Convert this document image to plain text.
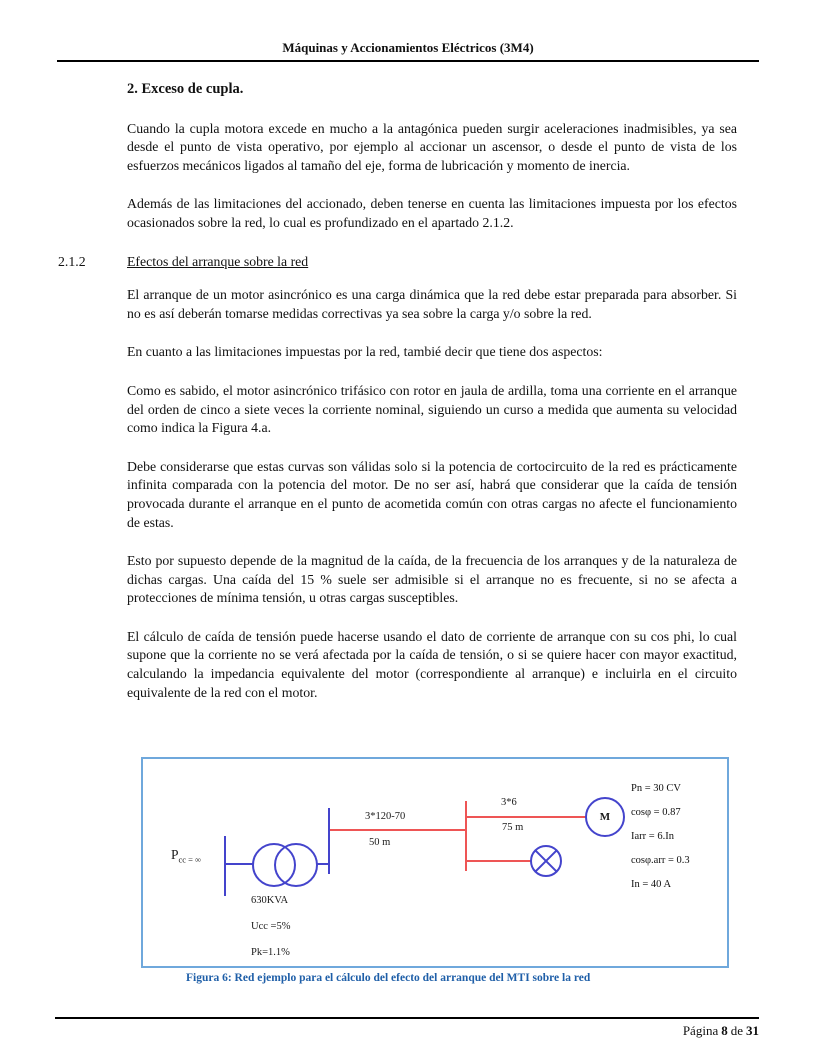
Máquinas y Accionamientos Eléctricos (3M4)
2. Exceso de cupla.

Cuando la cupla motora excede en mucho a la antagónica pueden surgir aceleraciones inadmisibles, ya sea desde el punto de vista operativo, por ejemplo al accionar un ascensor, o desde el punto de vista de los esfuerzos mecánicos ligados al tamaño del eje, forma de lubricación y momento de inercia.

Además de las limitaciones del accionado, deben tenerse en cuenta las limitaciones impuesta por los efectos ocasionados sobre la red, lo cual es profundizado en el apartado 2.1.2.

2.1.2	Efectos del arranque sobre la red

El arranque de un motor asincrónico es una carga dinámica que la red debe estar preparada para absorber. Si no es así deberán tomarse medidas correctivas ya sea sobre la carga y/o sobre la red.

En cuanto a las limitaciones impuestas por la red, tambié decir que tiene dos aspectos:

Como es sabido, el motor asincrónico trifásico con rotor en jaula de ardilla, toma una corriente en el arranque del orden de cinco a siete veces la corriente nominal, siguiendo un curso a medida que aumenta su velocidad como indica la Figura 4.a.

Debe considerarse que estas curvas son válidas solo si la potencia de cortocircuito de la red es prácticamente infinita comparada con la potencia del motor. De no ser así, habrá que considerar que la caída de tensión provocada durante el arranque en el punto de acometida común con otras cargas no afecte el funcionamiento de estas.

Esto por supuesto depende de la magnitud de la caída, de la frecuencia de los arranques y de la naturaleza de dichas cargas. Una caída del 15 % suele ser admisible si el arranque no es frecuente, si no se afecta a protecciones de mínima tensión, u otras cargas susceptibles.

El cálculo de caída de tensión puede hacerse usando el dato de corriente de arranque con su cos phi, lo cual supone que la corriente no se verá afectada por la caída de tensión, o si se quiere hacer con mayor exactitud, calculando la impedancia equivalente del motor (correspondiente al arranque) e incluirla en el circuito equivalente de la red con el motor.

$P_{cc = \infty}$
3*120-70
50 m
3*6
75 m
M
630KVA
Ucc =5%
Pk=1.1%
Pn = 30 CV
cosφ = 0.87
Iarr = 6.In
cosφ.arr = 0.3
In = 40 A
Figura 6: Red ejemplo para el cálculo del efecto del arranque del MTI sobre la red
Página 8 de 31
